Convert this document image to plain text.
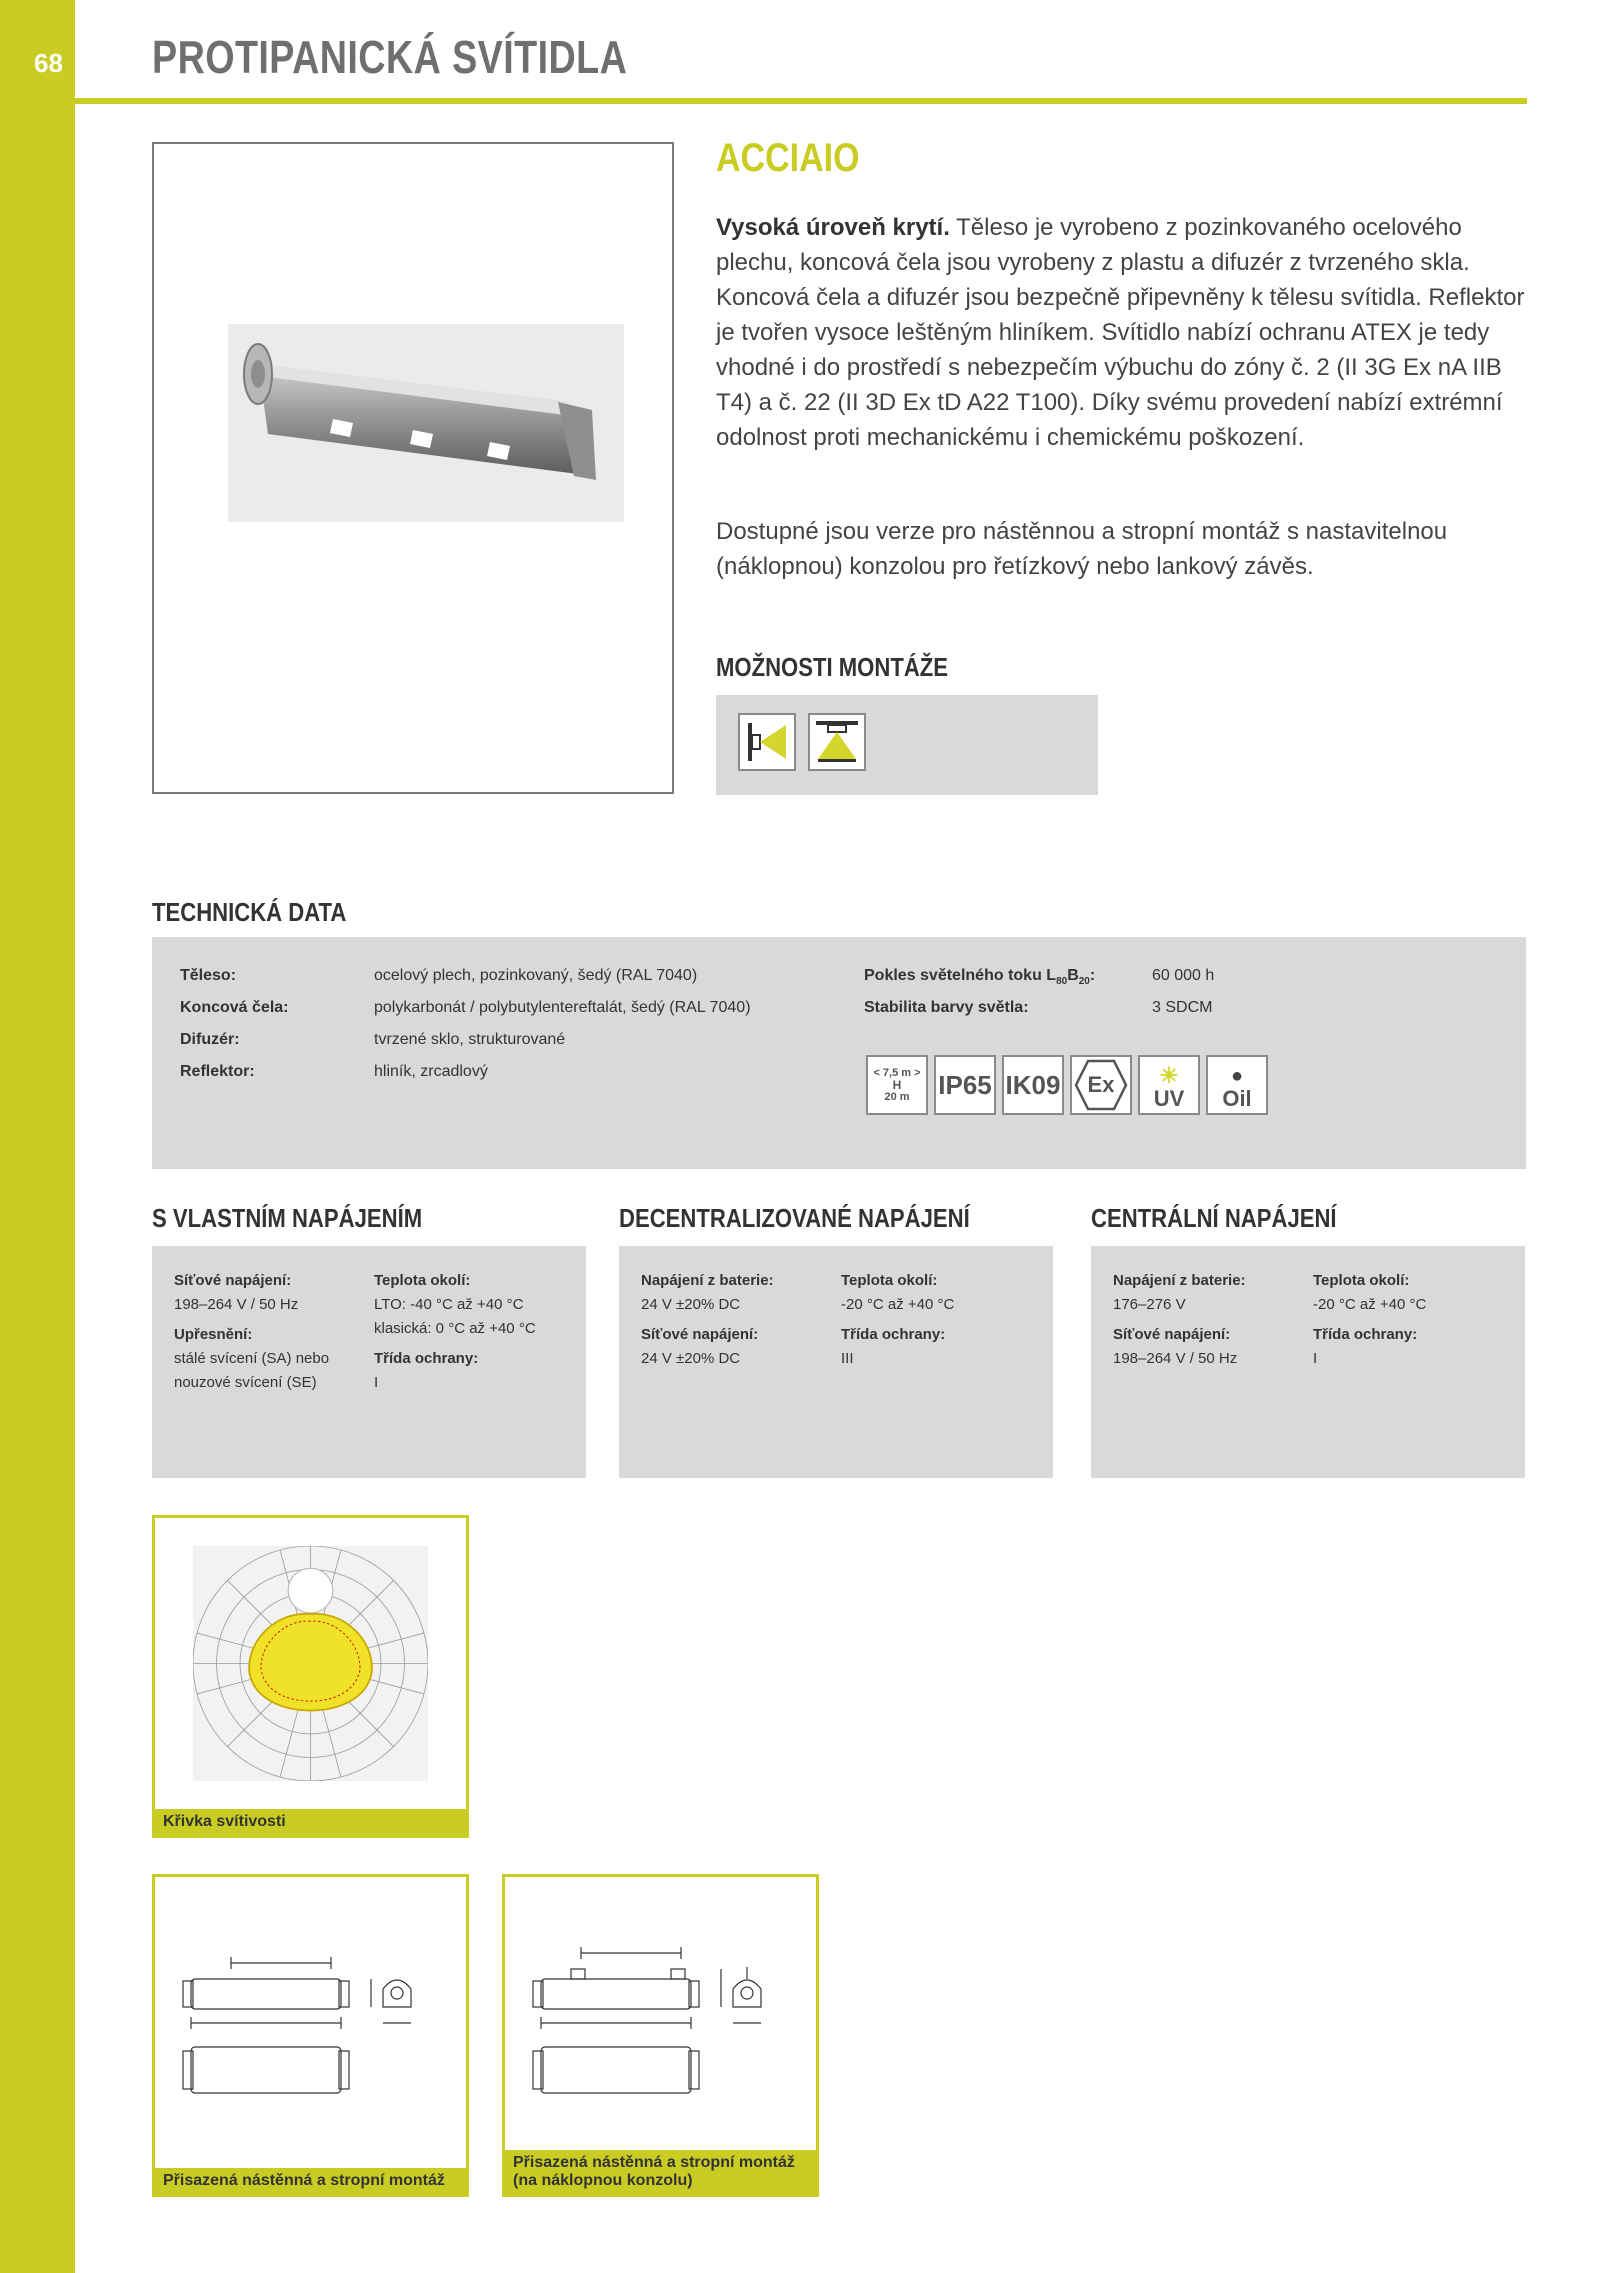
68 PROTIPANICKÁ SVÍTIDLA
ACCIAIO
Vysoká úroveň krytí. Těleso je vyrobeno z pozinkovaného ocelového plechu, koncová čela jsou vyrobeny z plastu a difuzér z tvrzeného skla. Koncová čela a difuzér jsou bezpečně připevněny k tělesu svítidla. Reflektor je tvořen vysoce leštěným hliníkem. Svítidlo nabízí ochranu ATEX je tedy vhodné i do prostředí s nebezpečím výbuchu do zóny č. 2 (II 3G Ex nA IIB T4) a č. 22 (II 3D Ex tD A22 T100). Díky svému provedení nabízí extrémní odolnost proti mechanickému i chemickému poškození.
Dostupné jsou verze pro nástěnnou a stropní montáž s nastavitelnou (náklopnou) konzolou pro řetízkový nebo lankový závěs.
MOŽNOSTI MONTÁŽE
TECHNICKÁ DATA
Těleso:	ocelový plech, pozinkovaný, šedý (RAL 7040)
Koncová čela:	polykarbonát / polybutylentereftalát, šedý (RAL 7040)
Difuzér:	tvrzené sklo, strukturované
Reflektor:	hliník, zrcadlový
Pokles světelného toku $L_{80}B_{20}$:	60 000 h
Stabilita barvy světla:	3 SDCM
< 7,5 m >
H
20 m IP65 IK09 Ex ☀
UV
●
Oil
S VLASTNÍM NAPÁJENÍM
Síťové napájení:
198–264 V / 50 Hz
Upřesnění:
stálé svícení (SA) nebo
nouzové svícení (SE)
Teplota okolí:
LTO: -40 °C až +40 °C
klasická: 0 °C až +40 °C
Třída ochrany:
I
DECENTRALIZOVANÉ NAPÁJENÍ
Napájení z baterie:
24 V ±20% DC
Síťové napájení:
24 V ±20% DC
Teplota okolí:
-20 °C až +40 °C
Třída ochrany:
III
CENTRÁLNÍ NAPÁJENÍ
Napájení z baterie:
176–276 V
Síťové napájení:
198–264 V / 50 Hz
Teplota okolí:
-20 °C až +40 °C
Třída ochrany:
I
Křivka svítivosti
Přisazená nástěnná a stropní montáž
Přisazená nástěnná a stropní montáž
(na náklopnou konzolu)
